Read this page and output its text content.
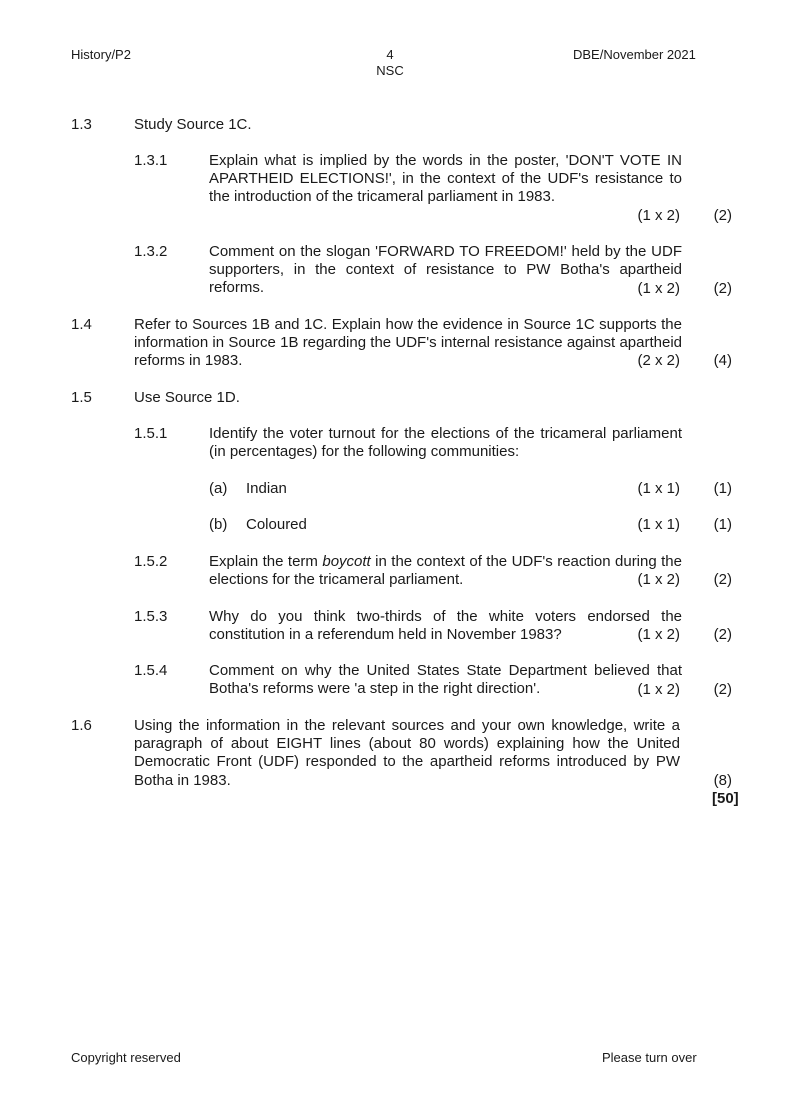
History/P2	4
NSC
DBE/November 2021
1.3	Study Source 1C.
1.3.1	Explain what is implied by the words in the poster, 'DON'T VOTE IN APARTHEID ELECTIONS!', in the context of the UDF's resistance to the introduction of the tricameral parliament in 1983.
(1 x 2)	(2)
1.3.2	Comment on the slogan 'FORWARD TO FREEDOM!' held by the UDF supporters, in the context of resistance to PW Botha's apartheid reforms.	(1 x 2)	(2)
1.4	Refer to Sources 1B and 1C. Explain how the evidence in Source 1C supports the information in Source 1B regarding the UDF's internal resistance against apartheid reforms in 1983.	(2 x 2)	(4)
1.5	Use Source 1D.
1.5.1	Identify the voter turnout for the elections of the tricameral parliament (in percentages) for the following communities:
(a) Indian	(1 x 1)	(1)
(b) Coloured	(1 x 1)	(1)
1.5.2	Explain the term boycott in the context of the UDF's reaction during the elections for the tricameral parliament.	(1 x 2)	(2)
1.5.3	Why do you think two-thirds of the white voters endorsed the constitution in a referendum held in November 1983?	(1 x 2)	(2)
1.5.4	Comment on why the United States State Department believed that Botha's reforms were 'a step in the right direction'.	(1 x 2)	(2)
1.6	Using the information in the relevant sources and your own knowledge, write a paragraph of about EIGHT lines (about 80 words) explaining how the United Democratic Front (UDF) responded to the apartheid reforms introduced by PW Botha in 1983.	(8)
[50]
Copyright reserved	Please turn over
